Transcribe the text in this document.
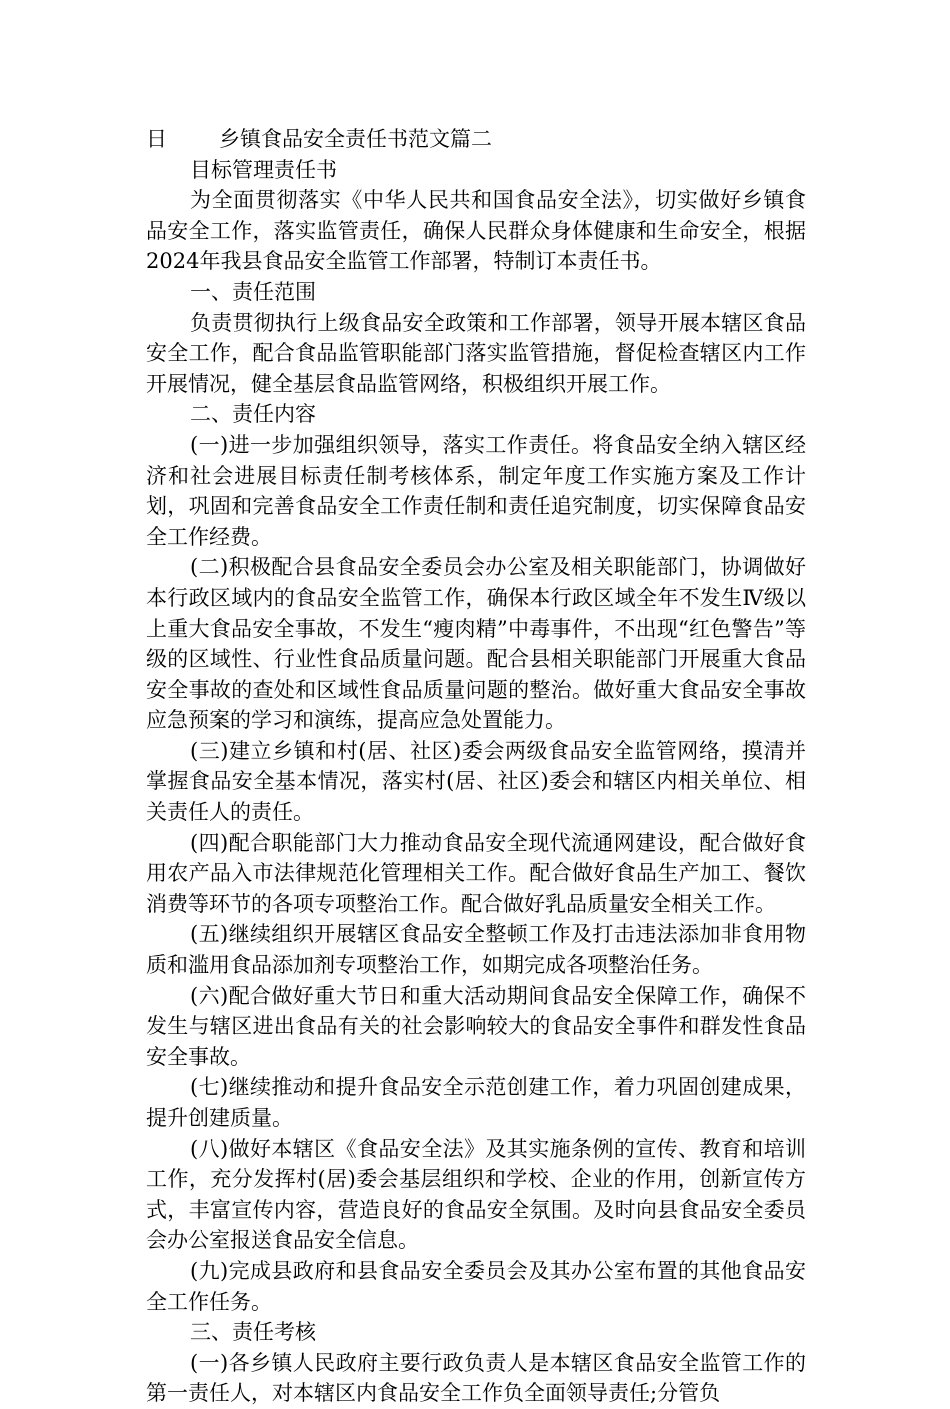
日 乡镇食品安全责任书范文篇二

目标管理责任书

为全面贯彻落实《中华人民共和国食品安全法》，切实做好乡镇食品安全工作，落实监管责任，确保人民群众身体健康和生命安全，根据2024年我县食品安全监管工作部署，特制订本责任书。

一、责任范围

负责贯彻执行上级食品安全政策和工作部署，领导开展本辖区食品安全工作，配合食品监管职能部门落实监管措施，督促检查辖区内工作开展情况，健全基层食品监管网络，积极组织开展工作。

二、责任内容

(一)进一步加强组织领导，落实工作责任。将食品安全纳入辖区经济和社会进展目标责任制考核体系，制定年度工作实施方案及工作计划，巩固和完善食品安全工作责任制和责任追究制度，切实保障食品安全工作经费。

(二)积极配合县食品安全委员会办公室及相关职能部门，协调做好本行政区域内的食品安全监管工作，确保本行政区域全年不发生Ⅳ级以上重大食品安全事故，不发生“瘦肉精”中毒事件，不出现“红色警告”等级的区域性、行业性食品质量问题。配合县相关职能部门开展重大食品安全事故的查处和区域性食品质量问题的整治。做好重大食品安全事故应急预案的学习和演练，提高应急处置能力。

(三)建立乡镇和村(居、社区)委会两级食品安全监管网络，摸清并掌握食品安全基本情况，落实村(居、社区)委会和辖区内相关单位、相关责任人的责任。

(四)配合职能部门大力推动食品安全现代流通网建设，配合做好食用农产品入市法律规范化管理相关工作。配合做好食品生产加工、餐饮消费等环节的各项专项整治工作。配合做好乳品质量安全相关工作。

(五)继续组织开展辖区食品安全整顿工作及打击违法添加非食用物质和滥用食品添加剂专项整治工作，如期完成各项整治任务。

(六)配合做好重大节日和重大活动期间食品安全保障工作，确保不发生与辖区进出食品有关的社会影响较大的食品安全事件和群发性食品安全事故。

(七)继续推动和提升食品安全示范创建工作，着力巩固创建成果，提升创建质量。

(八)做好本辖区《食品安全法》及其实施条例的宣传、教育和培训工作，充分发挥村(居)委会基层组织和学校、企业的作用，创新宣传方式，丰富宣传内容，营造良好的食品安全氛围。及时向县食品安全委员会办公室报送食品安全信息。

(九)完成县政府和县食品安全委员会及其办公室布置的其他食品安全工作任务。

三、责任考核

(一)各乡镇人民政府主要行政负责人是本辖区食品安全监管工作的第一责任人，对本辖区内食品安全工作负全面领导责任;分管负
